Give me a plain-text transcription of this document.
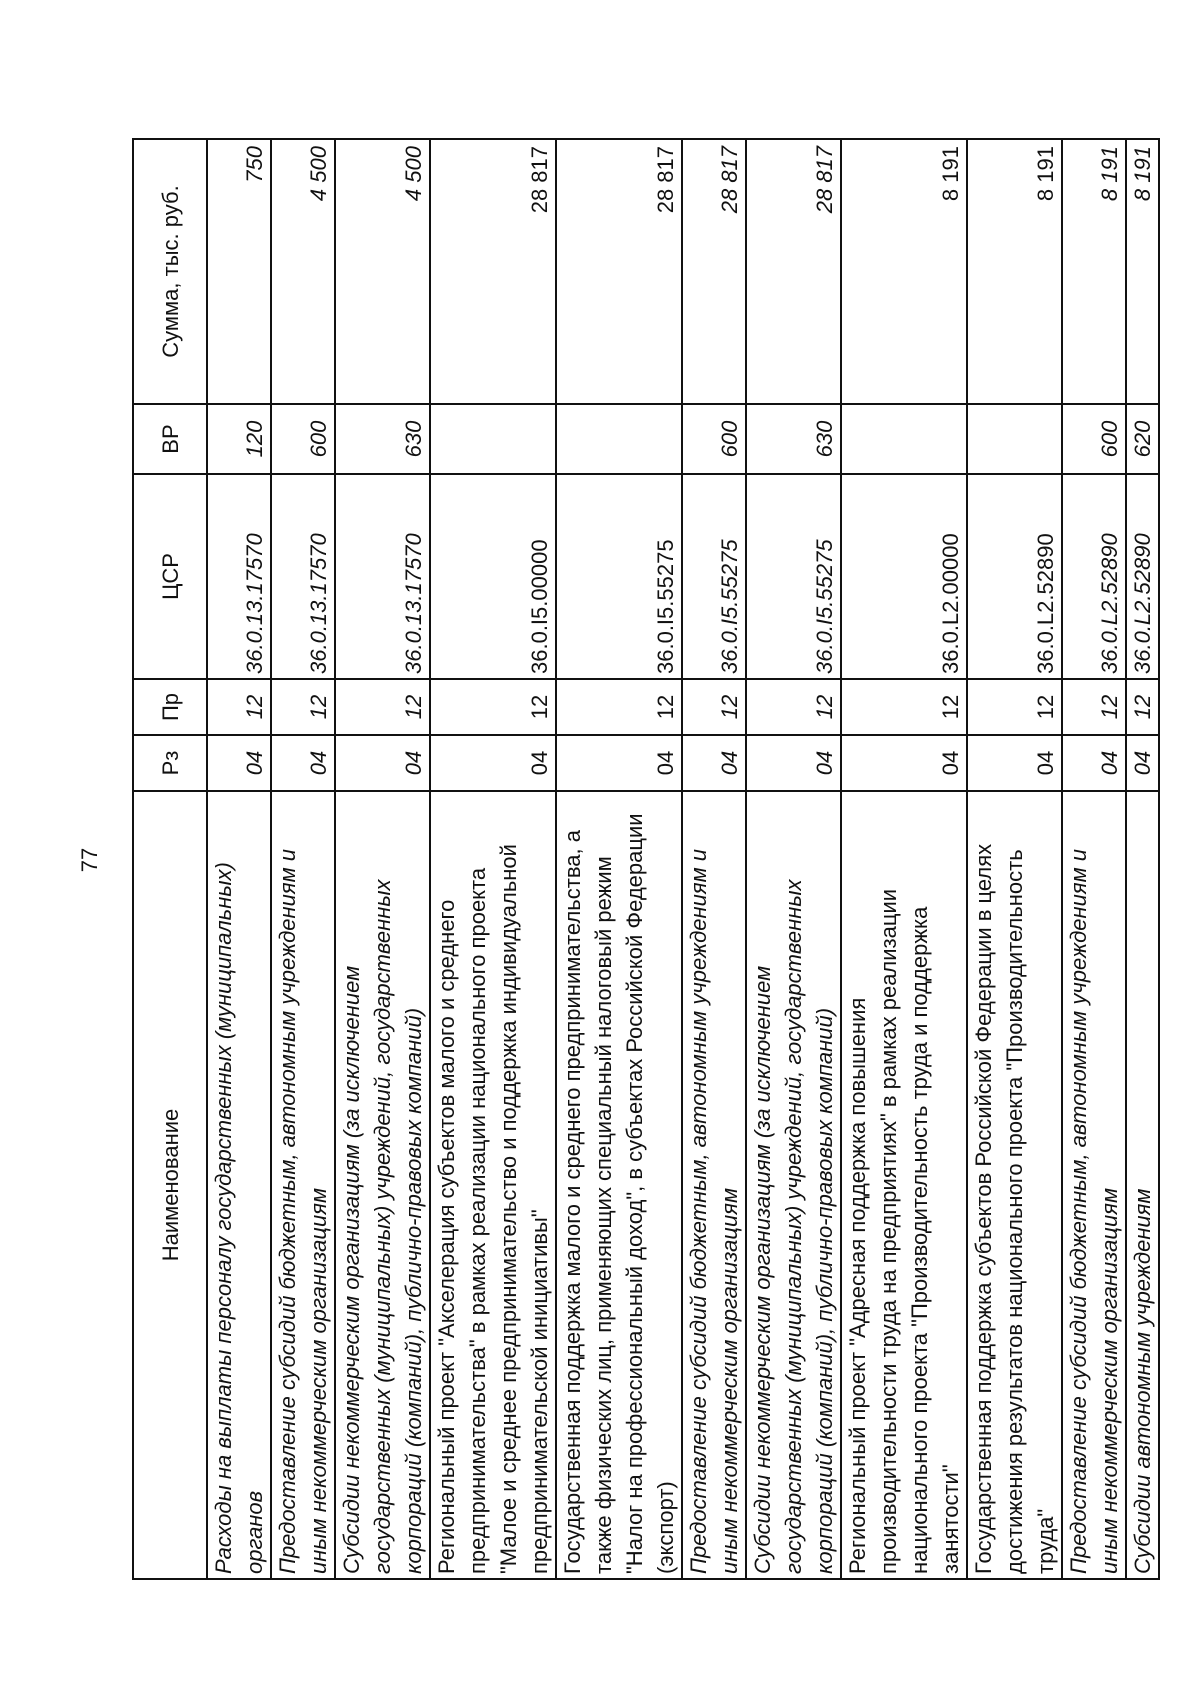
77
Наименование	Рз	Пр	ЦСР	ВР	Сумма, тыс. руб.
Расходы на выплаты персоналу государственных (муниципальных) органов	04	12	36.0.13.17570	120	750
Предоставление субсидий бюджетным, автономным учреждениям и иным некоммерческим организациям	04	12	36.0.13.17570	600	4 500
Субсидии некоммерческим организациям (за исключением государственных (муниципальных) учреждений, государственных корпораций (компаний), публично-правовых компаний)	04	12	36.0.13.17570	630	4 500
Региональный проект "Акселерация субъектов малого и среднего предпринимательства" в рамках реализации национального проекта "Малое и среднее предпринимательство и поддержка индивидуальной предпринимательской инициативы"	04	12	36.0.I5.00000		28 817
Государственная поддержка малого и среднего предпринимательства, а также физических лиц, применяющих специальный налоговый режим "Налог на профессиональный доход", в субъектах Российской Федерации (экспорт)	04	12	36.0.I5.55275		28 817
Предоставление субсидий бюджетным, автономным учреждениям и иным некоммерческим организациям	04	12	36.0.I5.55275	600	28 817
Субсидии некоммерческим организациям (за исключением государственных (муниципальных) учреждений, государственных корпораций (компаний), публично-правовых компаний)	04	12	36.0.I5.55275	630	28 817
Региональный проект "Адресная поддержка повышения производительности труда на предприятиях" в рамках реализации национального проекта "Производительность труда и поддержка занятости"	04	12	36.0.L2.00000		8 191
Государственная поддержка субъектов Российской Федерации в целях достижения результатов национального проекта "Производительность труда"	04	12	36.0.L2.52890		8 191
Предоставление субсидий бюджетным, автономным учреждениям и иным некоммерческим организациям	04	12	36.0.L2.52890	600	8 191
Субсидии автономным учреждениям	04	12	36.0.L2.52890	620	8 191
